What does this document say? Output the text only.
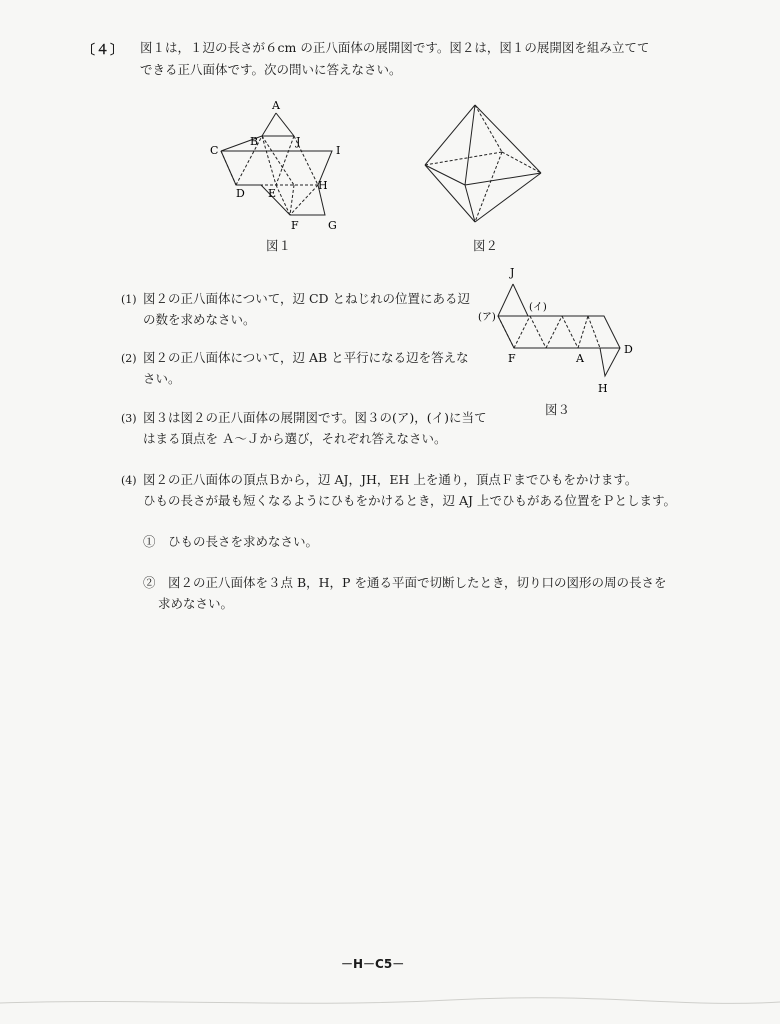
〔４〕 図１は，１辺の長さが６cm の正八面体の展開図です。図２は，図１の展開図を組み立てて
できる正八面体です。次の問いに答えなさい。
A
B
C
D E
F	G
H
I
J
図１	図２
J
(ア)
(イ)
F	A
D
H
図３
(1) 図２の正八面体について，辺 CD とねじれの位置にある辺
の数を求めなさい。
(2) 図２の正八面体について，辺 AB と平行になる辺を答えな
さい。
(3) 図３は図２の正八面体の展開図です。図３の(ア)，(イ)に当て
はまる頂点を Ａ～Ｊから選び，それぞれ答えなさい。
(4) 図２の正八面体の頂点Ｂから，辺 AJ，JH，EH 上を通り，頂点Ｆまでひもをかけます。
ひもの長さが最も短くなるようにひもをかけるとき，辺 AJ 上でひもがある位置をＰとします。
①　ひもの長さを求めなさい。
②　図２の正八面体を３点 B，H，P を通る平面で切断したとき，切り口の図形の周の長さを
求めなさい。
－H－C5－
